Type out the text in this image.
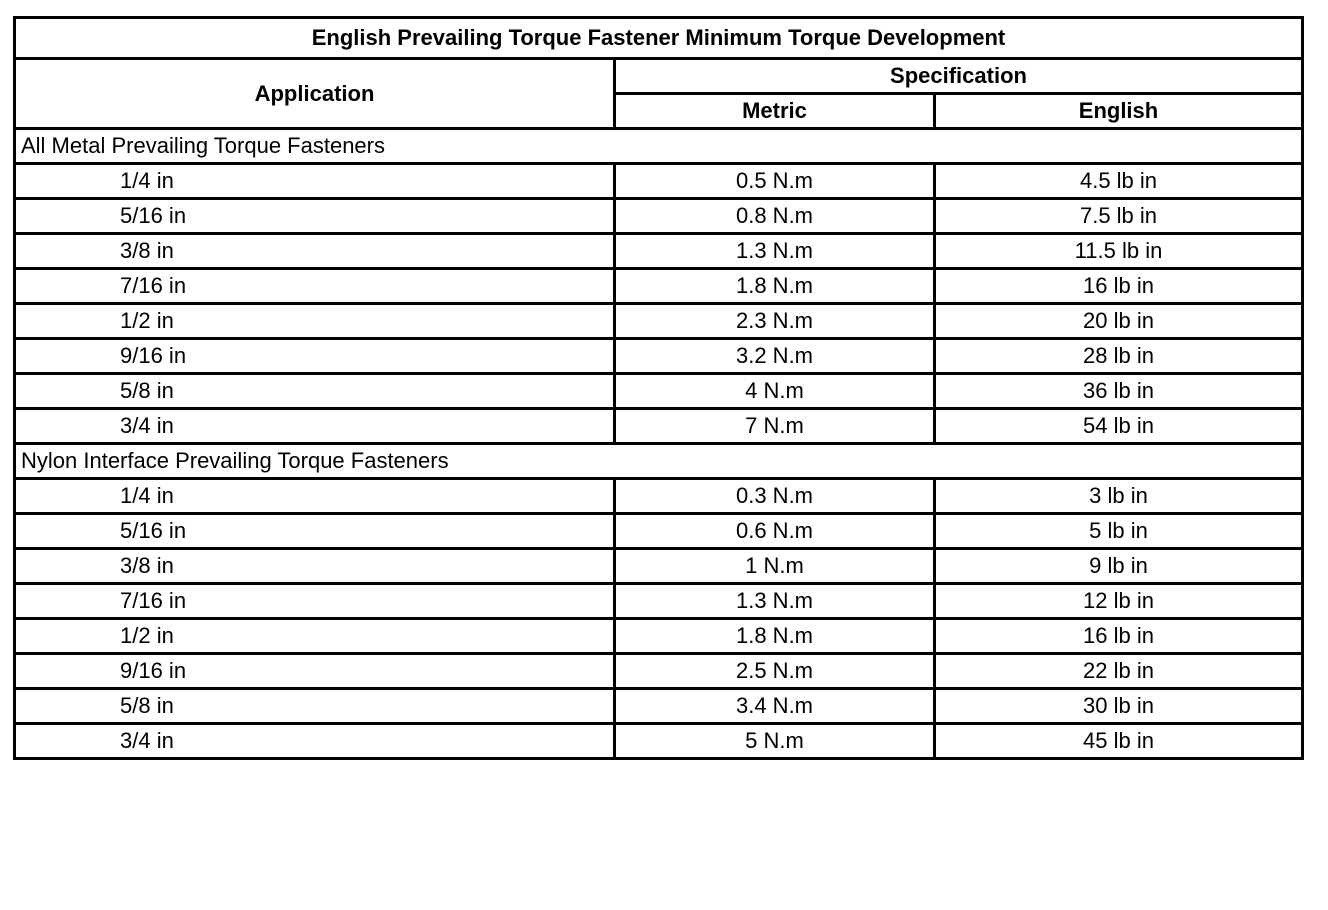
English Prevailing Torque Fastener Minimum Torque Development		
Application	Specification	
	Metric	English
All Metal Prevailing Torque Fasteners		
1/4 in	0.5 N.m	4.5 lb in
5/16 in	0.8 N.m	7.5 lb in
3/8 in	1.3 N.m	11.5 lb in
7/16 in	1.8 N.m	16 lb in
1/2 in	2.3 N.m	20 lb in
9/16 in	3.2 N.m	28 lb in
5/8 in	4 N.m	36 lb in
3/4 in	7 N.m	54 lb in
Nylon Interface Prevailing Torque Fasteners		
1/4 in	0.3 N.m	3 lb in
5/16 in	0.6 N.m	5 lb in
3/8 in	1 N.m	9 lb in
7/16 in	1.3 N.m	12 lb in
1/2 in	1.8 N.m	16 lb in
9/16 in	2.5 N.m	22 lb in
5/8 in	3.4 N.m	30 lb in
3/4 in	5 N.m	45 lb in
